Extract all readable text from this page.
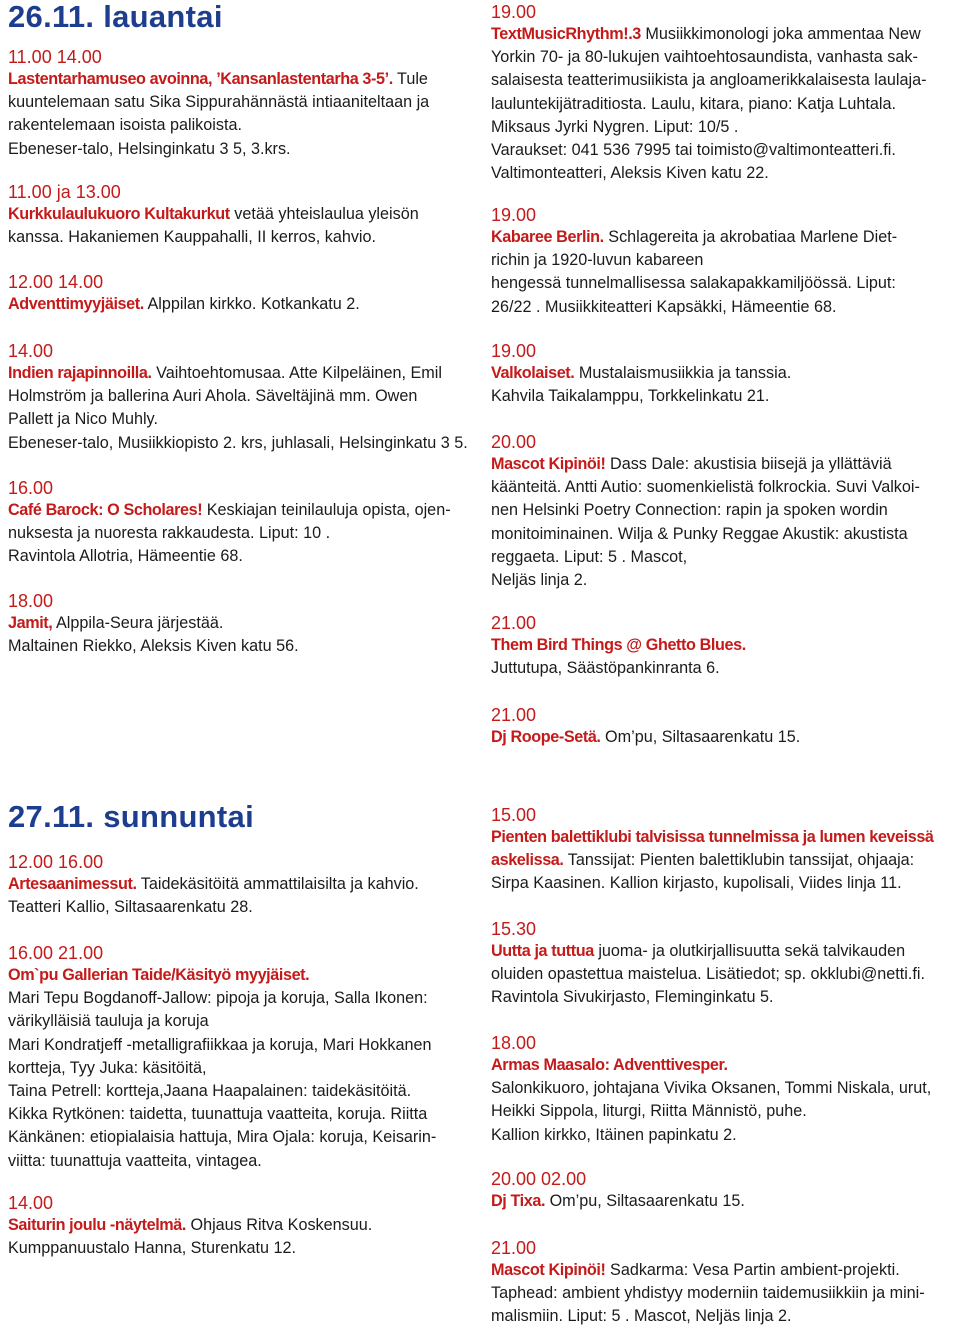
26.11. lauantai
11.00 14.00
Lastentarhamuseo avoinna, ’Kansanlastentarha 3-5’. Tule
kuuntelemaan satu Sika Sippurahännästä intiaaniteltaan ja
rakentelemaan isoista palikoista.
Ebeneser-talo, Helsinginkatu 3 5, 3.krs.
11.00 ja 13.00
Kurkkulaulukuoro Kultakurkut vetää yhteislaulua yleisön
kanssa. Hakaniemen Kauppahalli, II kerros, kahvio.
12.00 14.00
Adventtimyyjäiset. Alppilan kirkko. Kotkankatu 2.
14.00
Indien rajapinnoilla. Vaihtoehtomusaa. Atte Kilpeläinen, Emil
Holmström ja ballerina Auri Ahola. Säveltäjinä mm. Owen
Pallett ja Nico Muhly.
Ebeneser-talo, Musiikkiopisto 2. krs, juhlasali, Helsinginkatu 3 5.
16.00
Café Barock: O Scholares! Keskiajan teinilauluja opista, ojen-
nuksesta ja nuoresta rakkaudesta. Liput: 10 .
Ravintola Allotria, Hämeentie 68.
18.00
Jamit, Alppila-Seura järjestää.
Maltainen Riekko, Aleksis Kiven katu 56.
19.00
TextMusicRhythm!.3 Musiikkimonologi joka ammentaa New
Yorkin 70- ja 80-lukujen vaihtoehtosaundista, vanhasta sak-
salaisesta teatterimusiikista ja angloamerikkalaisesta laulaja-
lauluntekijätraditiosta. Laulu, kitara, piano: Katja Luhtala.
Miksaus Jyrki Nygren. Liput: 10/5 .
Varaukset: 041 536 7995 tai toimisto@valtimonteatteri.fi.
Valtimonteatteri, Aleksis Kiven katu 22.
19.00
Kabaree Berlin. Schlagereita ja akrobatiaa Marlene Diet-
richin ja 1920-luvun kabareen
hengessä tunnelmallisessa salakapakkamiljöössä. Liput:
26/22 . Musiikkiteatteri Kapsäkki, Hämeentie 68.
19.00
Valkolaiset. Mustalaismusiikkia ja tanssia.
Kahvila Taikalamppu, Torkkelinkatu 21.
20.00
Mascot Kipinöi! Dass Dale: akustisia biisejä ja yllättäviä
käänteitä. Antti Autio: suomenkielistä folkrockia. Suvi Valkoi-
nen Helsinki Poetry Connection: rapin ja spoken wordin
monitoiminainen. Wilja & Punky Reggae Akustik: akustista
reggaeta. Liput: 5 . Mascot,
Neljäs linja 2.
21.00
Them Bird Things @ Ghetto Blues.
Juttutupa, Säästöpankinranta 6.
21.00
Dj Roope-Setä. Om’pu, Siltasaarenkatu 15.
27.11. sunnuntai
12.00 16.00
Artesaanimessut. Taidekäsitöitä ammattilaisilta ja kahvio.
Teatteri Kallio, Siltasaarenkatu 28.
16.00 21.00
Om`pu Gallerian Taide/Käsityö myyjäiset.
Mari Tepu Bogdanoff-Jallow: pipoja ja koruja, Salla Ikonen:
värikylläisiä tauluja ja koruja
Mari Kondratjeff -metalligrafiikkaa ja koruja, Mari Hokkanen
kortteja, Tyy Juka: käsitöitä,
Taina Petrell: kortteja,Jaana Haapalainen: taidekäsitöitä.
Kikka Rytkönen: taidetta, tuunattuja vaatteita, koruja. Riitta
Känkänen: etiopialaisia hattuja, Mira Ojala: koruja, Keisarin-
viitta: tuunattuja vaatteita, vintagea.
14.00
Saiturin joulu -näytelmä. Ohjaus Ritva Koskensuu.
Kumppanuustalo Hanna, Sturenkatu 12.
15.00
Pienten balettiklubi talvisissa tunnelmissa ja lumen keveissä
askelissa. Tanssijat: Pienten balettiklubin tanssijat, ohjaaja:
Sirpa Kaasinen. Kallion kirjasto, kupolisali, Viides linja 11.
15.30
Uutta ja tuttua juoma- ja olutkirjallisuutta sekä talvikauden
oluiden opastettua maistelua. Lisätiedot; sp. okklubi@netti.fi.
Ravintola Sivukirjasto, Fleminginkatu 5.
18.00
Armas Maasalo: Adventtivesper.
Salonkikuoro, johtajana Vivika Oksanen, Tommi Niskala, urut,
Heikki Sippola, liturgi, Riitta Männistö, puhe.
Kallion kirkko, Itäinen papinkatu 2.
20.00 02.00
Dj Tixa. Om’pu, Siltasaarenkatu 15.
21.00
Mascot Kipinöi! Sadkarma: Vesa Partin ambient-projekti.
Taphead: ambient yhdistyy moderniin taidemusiikkiin ja mini-
malismiin. Liput: 5 . Mascot, Neljäs linja 2.
